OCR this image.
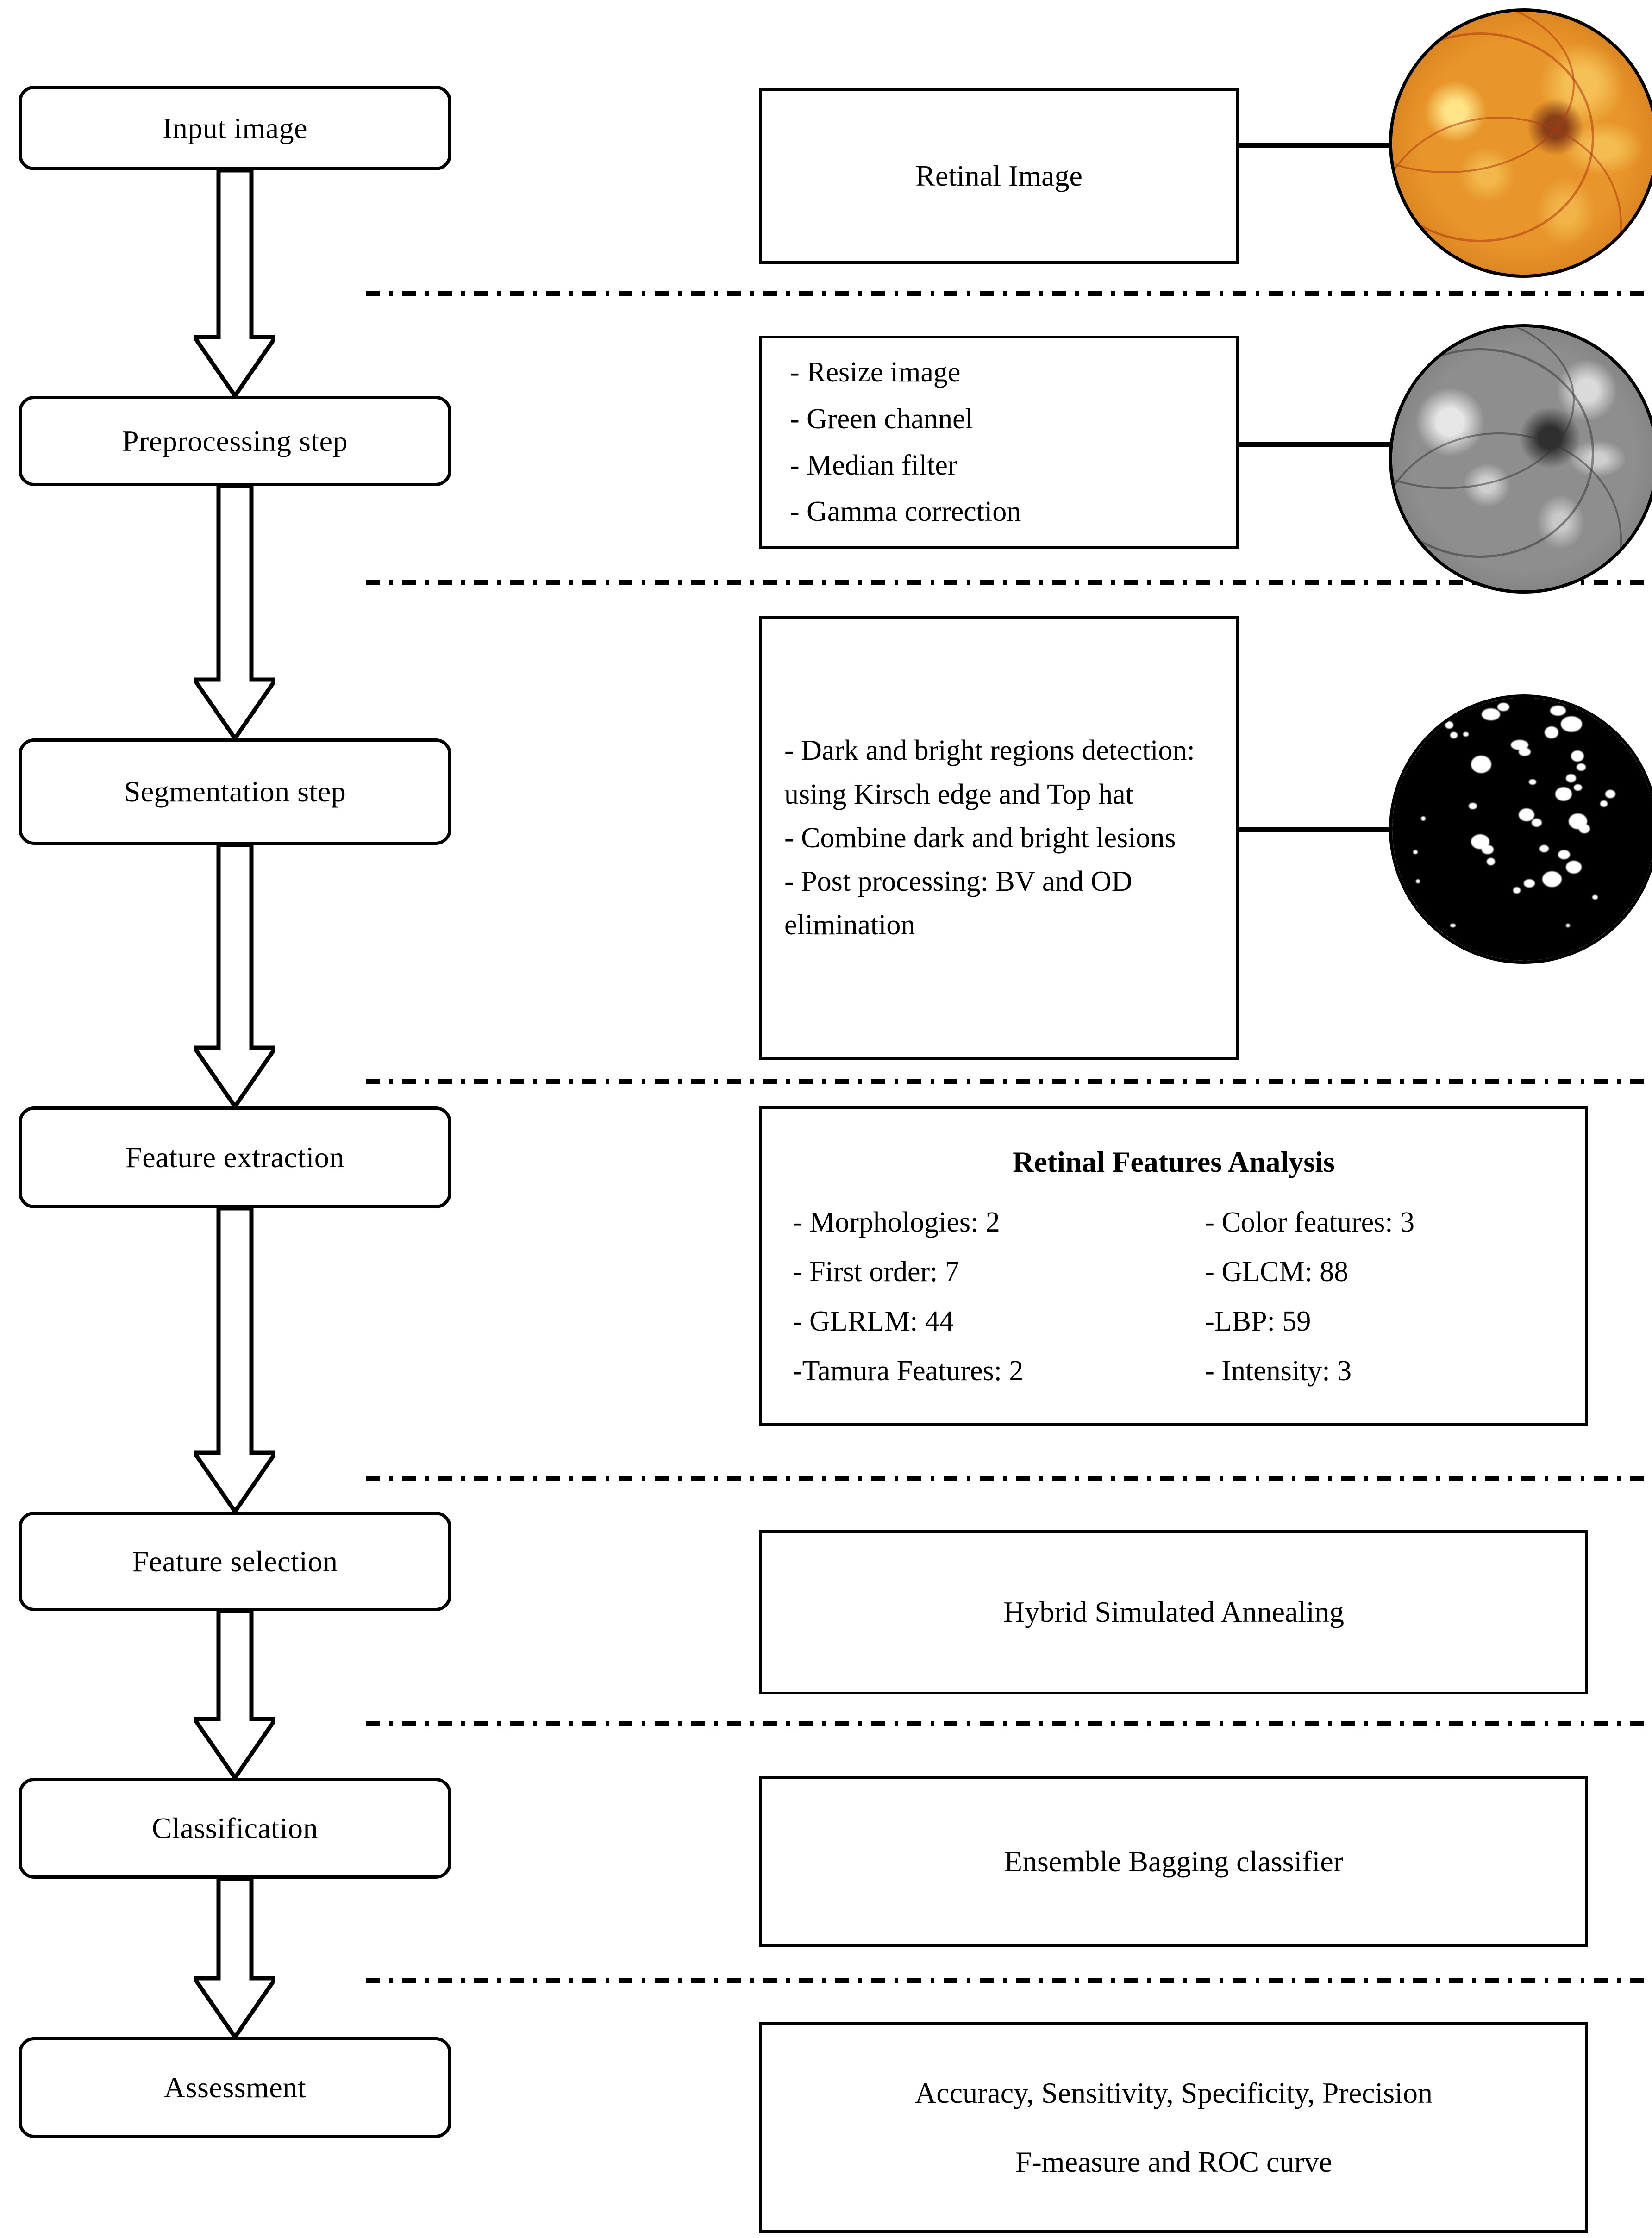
Input image
Preprocessing step
Segmentation step
Feature extraction
Feature selection
Classification
Assessment
Retinal Image
- Resize image
- Green channel
- Median filter
- Gamma correction
- Dark and bright regions detection: using Kirsch edge and Top hat
- Combine dark and bright lesions
- Post processing: BV and OD elimination
Retinal Features Analysis
- Morphologies: 2	- Color features: 3
- First order: 7	- GLCM: 88
- GLRLM: 44	-LBP: 59
-Tamura Features: 2	- Intensity: 3
Hybrid Simulated Annealing
Ensemble Bagging classifier
Accuracy, Sensitivity, Specificity, Precision
F-measure and ROC curve
